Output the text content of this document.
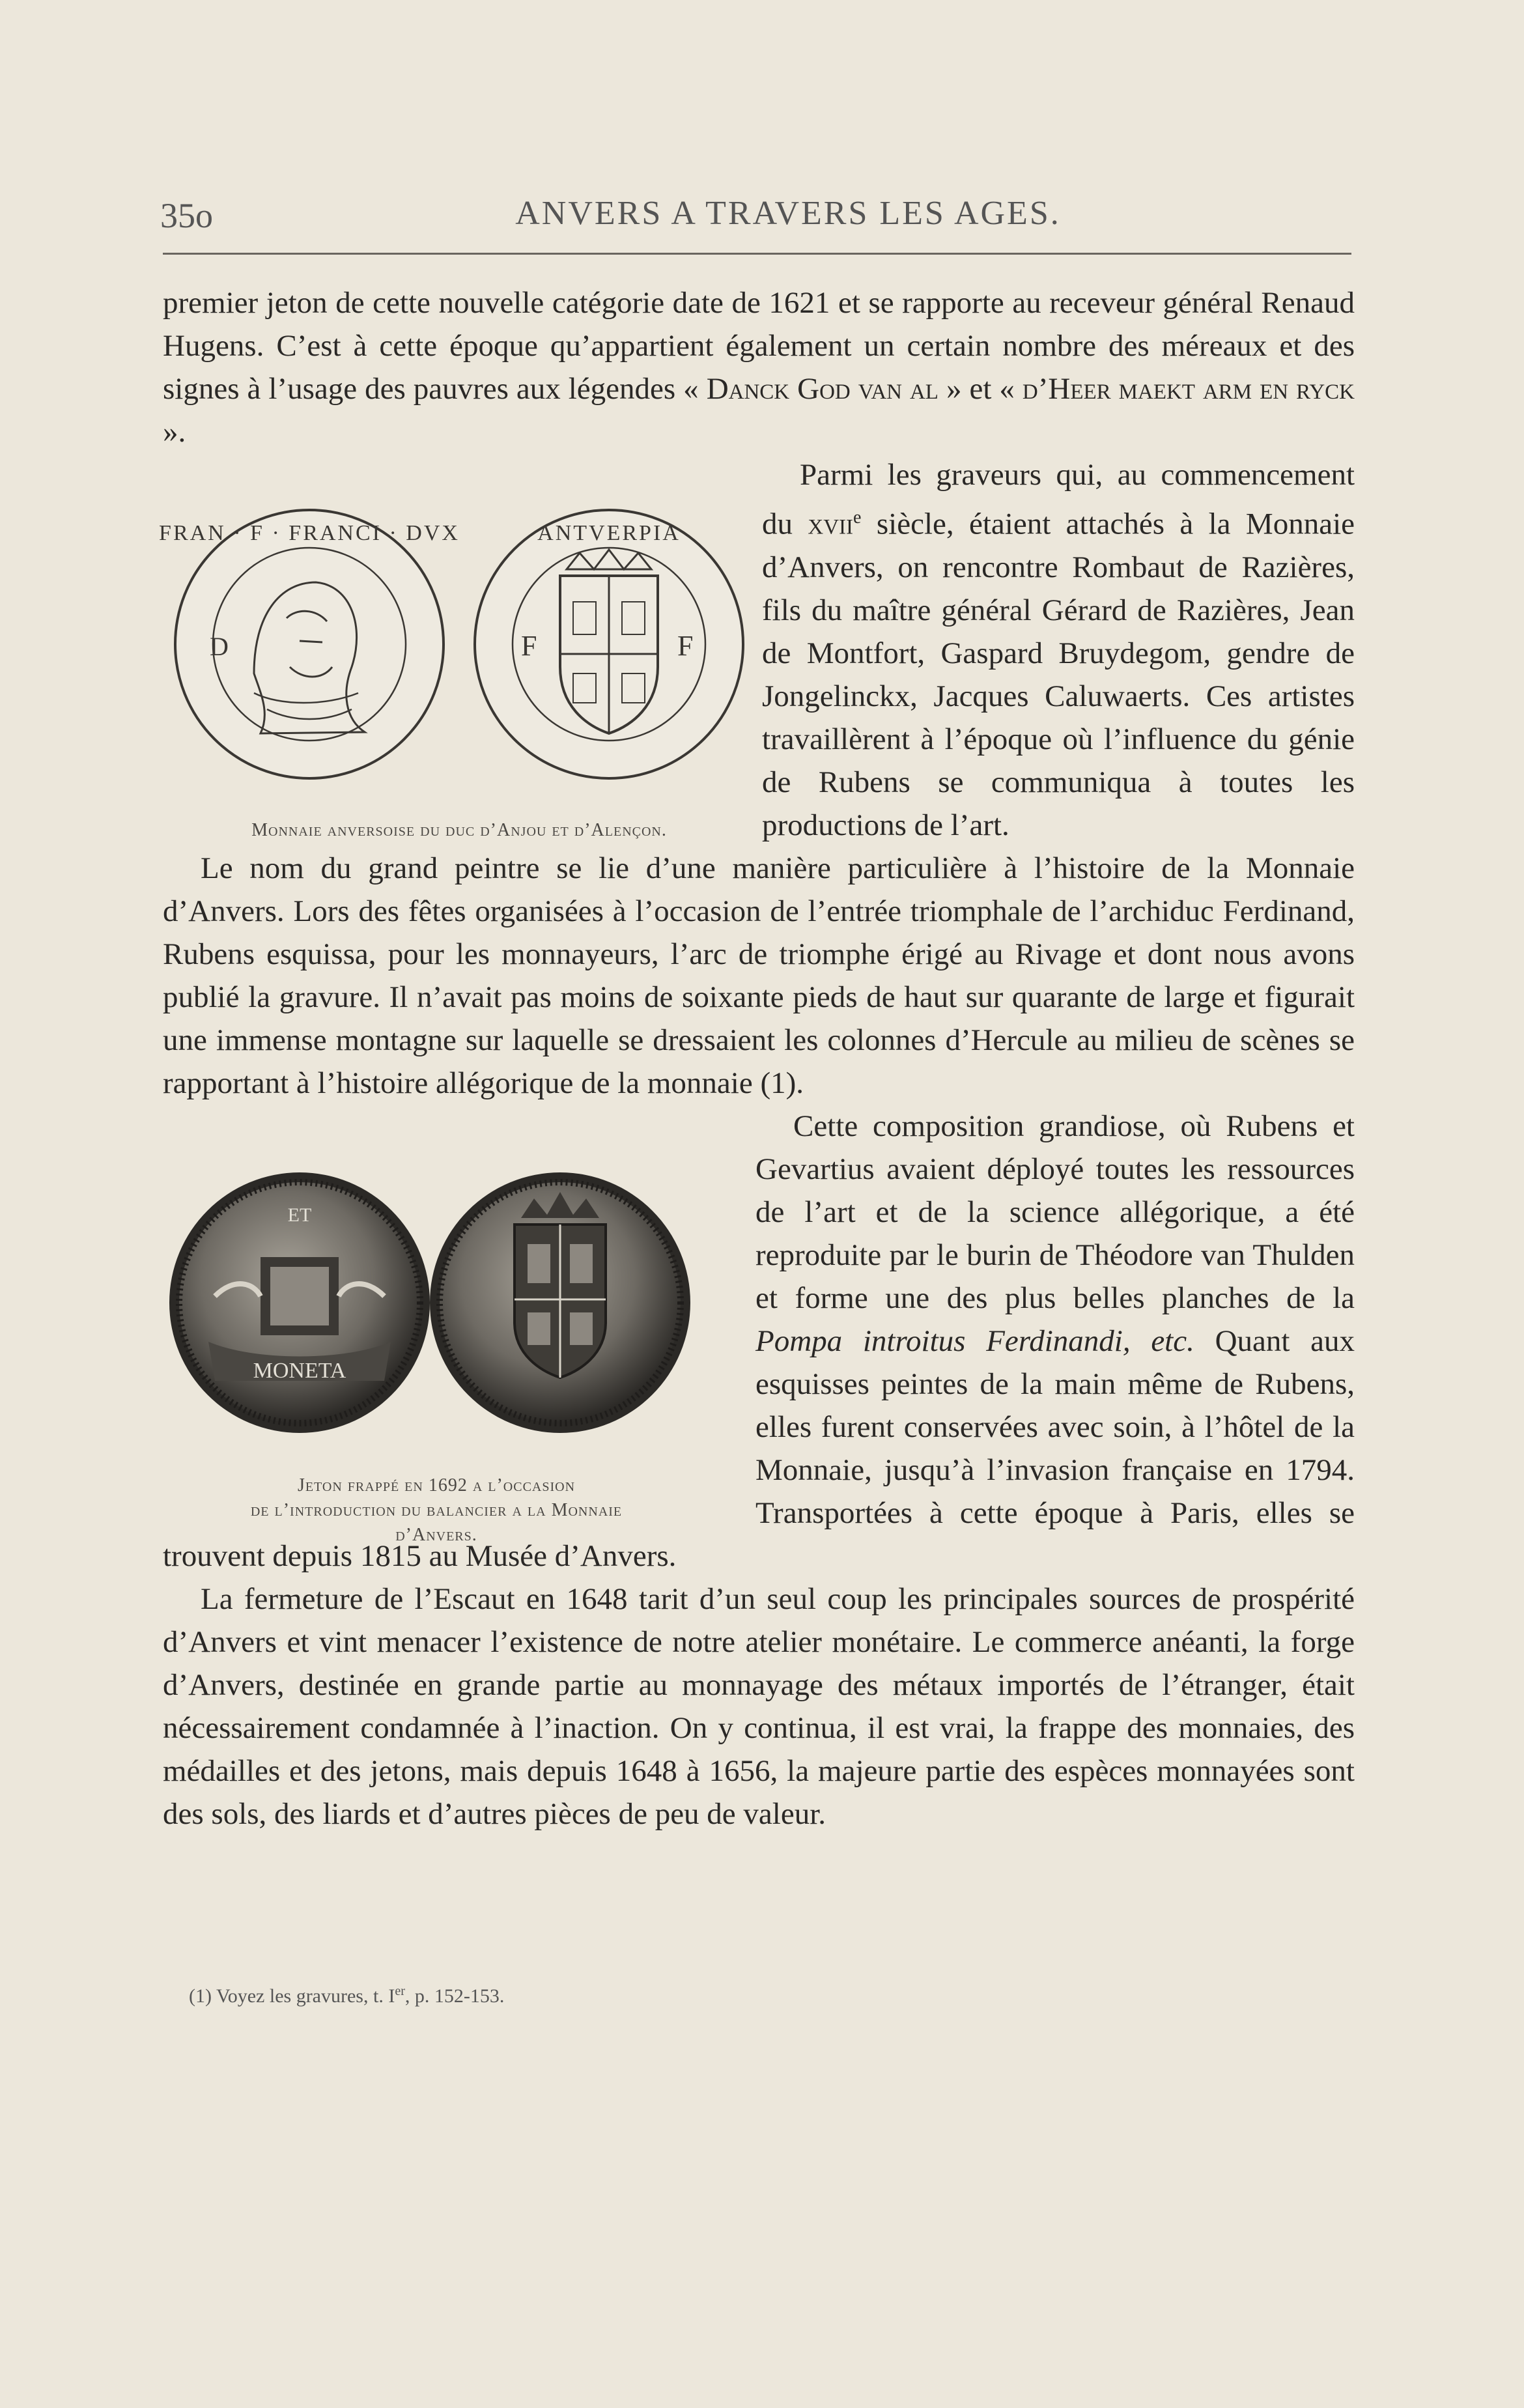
35o	ANVERS A TRAVERS LES AGES.

premier jeton de cette nouvelle catégorie date de 1621 et se rapporte au receveur général Renaud Hugens. C’est à cette époque qu’appartient également un certain nombre des méreaux et des signes à l’usage des pauvres aux légendes « Danck God van al » et « d’Heer maekt arm en ryck ».

D
FRAN · F · FRANCI · DVX
F	F
ANTVERPIA
Monnaie anversoise du duc d’Anjou et d’Alençon.

Parmi les graveurs qui, au commencement du xvii$^e$ siècle, étaient attachés à la Monnaie d’Anvers, on rencontre Rombaut de Razières, fils du maître général Gérard de Razières, Jean de Montfort, Gaspard Bruydegom, gendre de Jongelinckx, Jacques Caluwaerts. Ces artistes travaillèrent à l’époque où l’influence du génie de Rubens se communiqua à toutes les productions de l’art.

Le nom du grand peintre se lie d’une manière particulière à l’histoire de la Monnaie d’Anvers. Lors des fêtes organisées à l’occasion de l’entrée triomphale de l’archiduc Ferdinand, Rubens esquissa, pour les monnayeurs, l’arc de triomphe érigé au Rivage et dont nous avons publié la gravure. Il n’avait pas moins de soixante pieds de haut sur quarante de large et figurait une immense montagne sur laquelle se dressaient les colonnes d’Hercule au milieu de scènes se rapportant à l’histoire allégorique de la monnaie (1).

MONETA
ET
Jeton frappé en 1692 a l’occasion
de l’introduction du balancier a la Monnaie
d’Anvers.

Cette composition grandiose, où Rubens et Gevartius avaient déployé toutes les ressources de l’art et de la science allégorique, a été reproduite par le burin de Théodore van Thulden et forme une des plus belles planches de la Pompa introitus Ferdinandi, etc. Quant aux esquisses peintes de la main même de Rubens, elles furent conservées avec soin, à l’hôtel de la Monnaie, jusqu’à l’invasion française en 1794. Transportées à cette époque à Paris, elles se trouvent depuis 1815 au Musée d’Anvers.

La fermeture de l’Escaut en 1648 tarit d’un seul coup les principales sources de prospérité d’Anvers et vint menacer l’existence de notre atelier monétaire. Le commerce anéanti, la forge d’Anvers, destinée en grande partie au monnayage des métaux importés de l’étranger, était nécessairement condamnée à l’inaction. On y continua, il est vrai, la frappe des monnaies, des médailles et des jetons, mais depuis 1648 à 1656, la majeure partie des espèces monnayées sont des sols, des liards et d’autres pièces de peu de valeur.

(1) Voyez les gravures, t. Ier, p. 152-153.
